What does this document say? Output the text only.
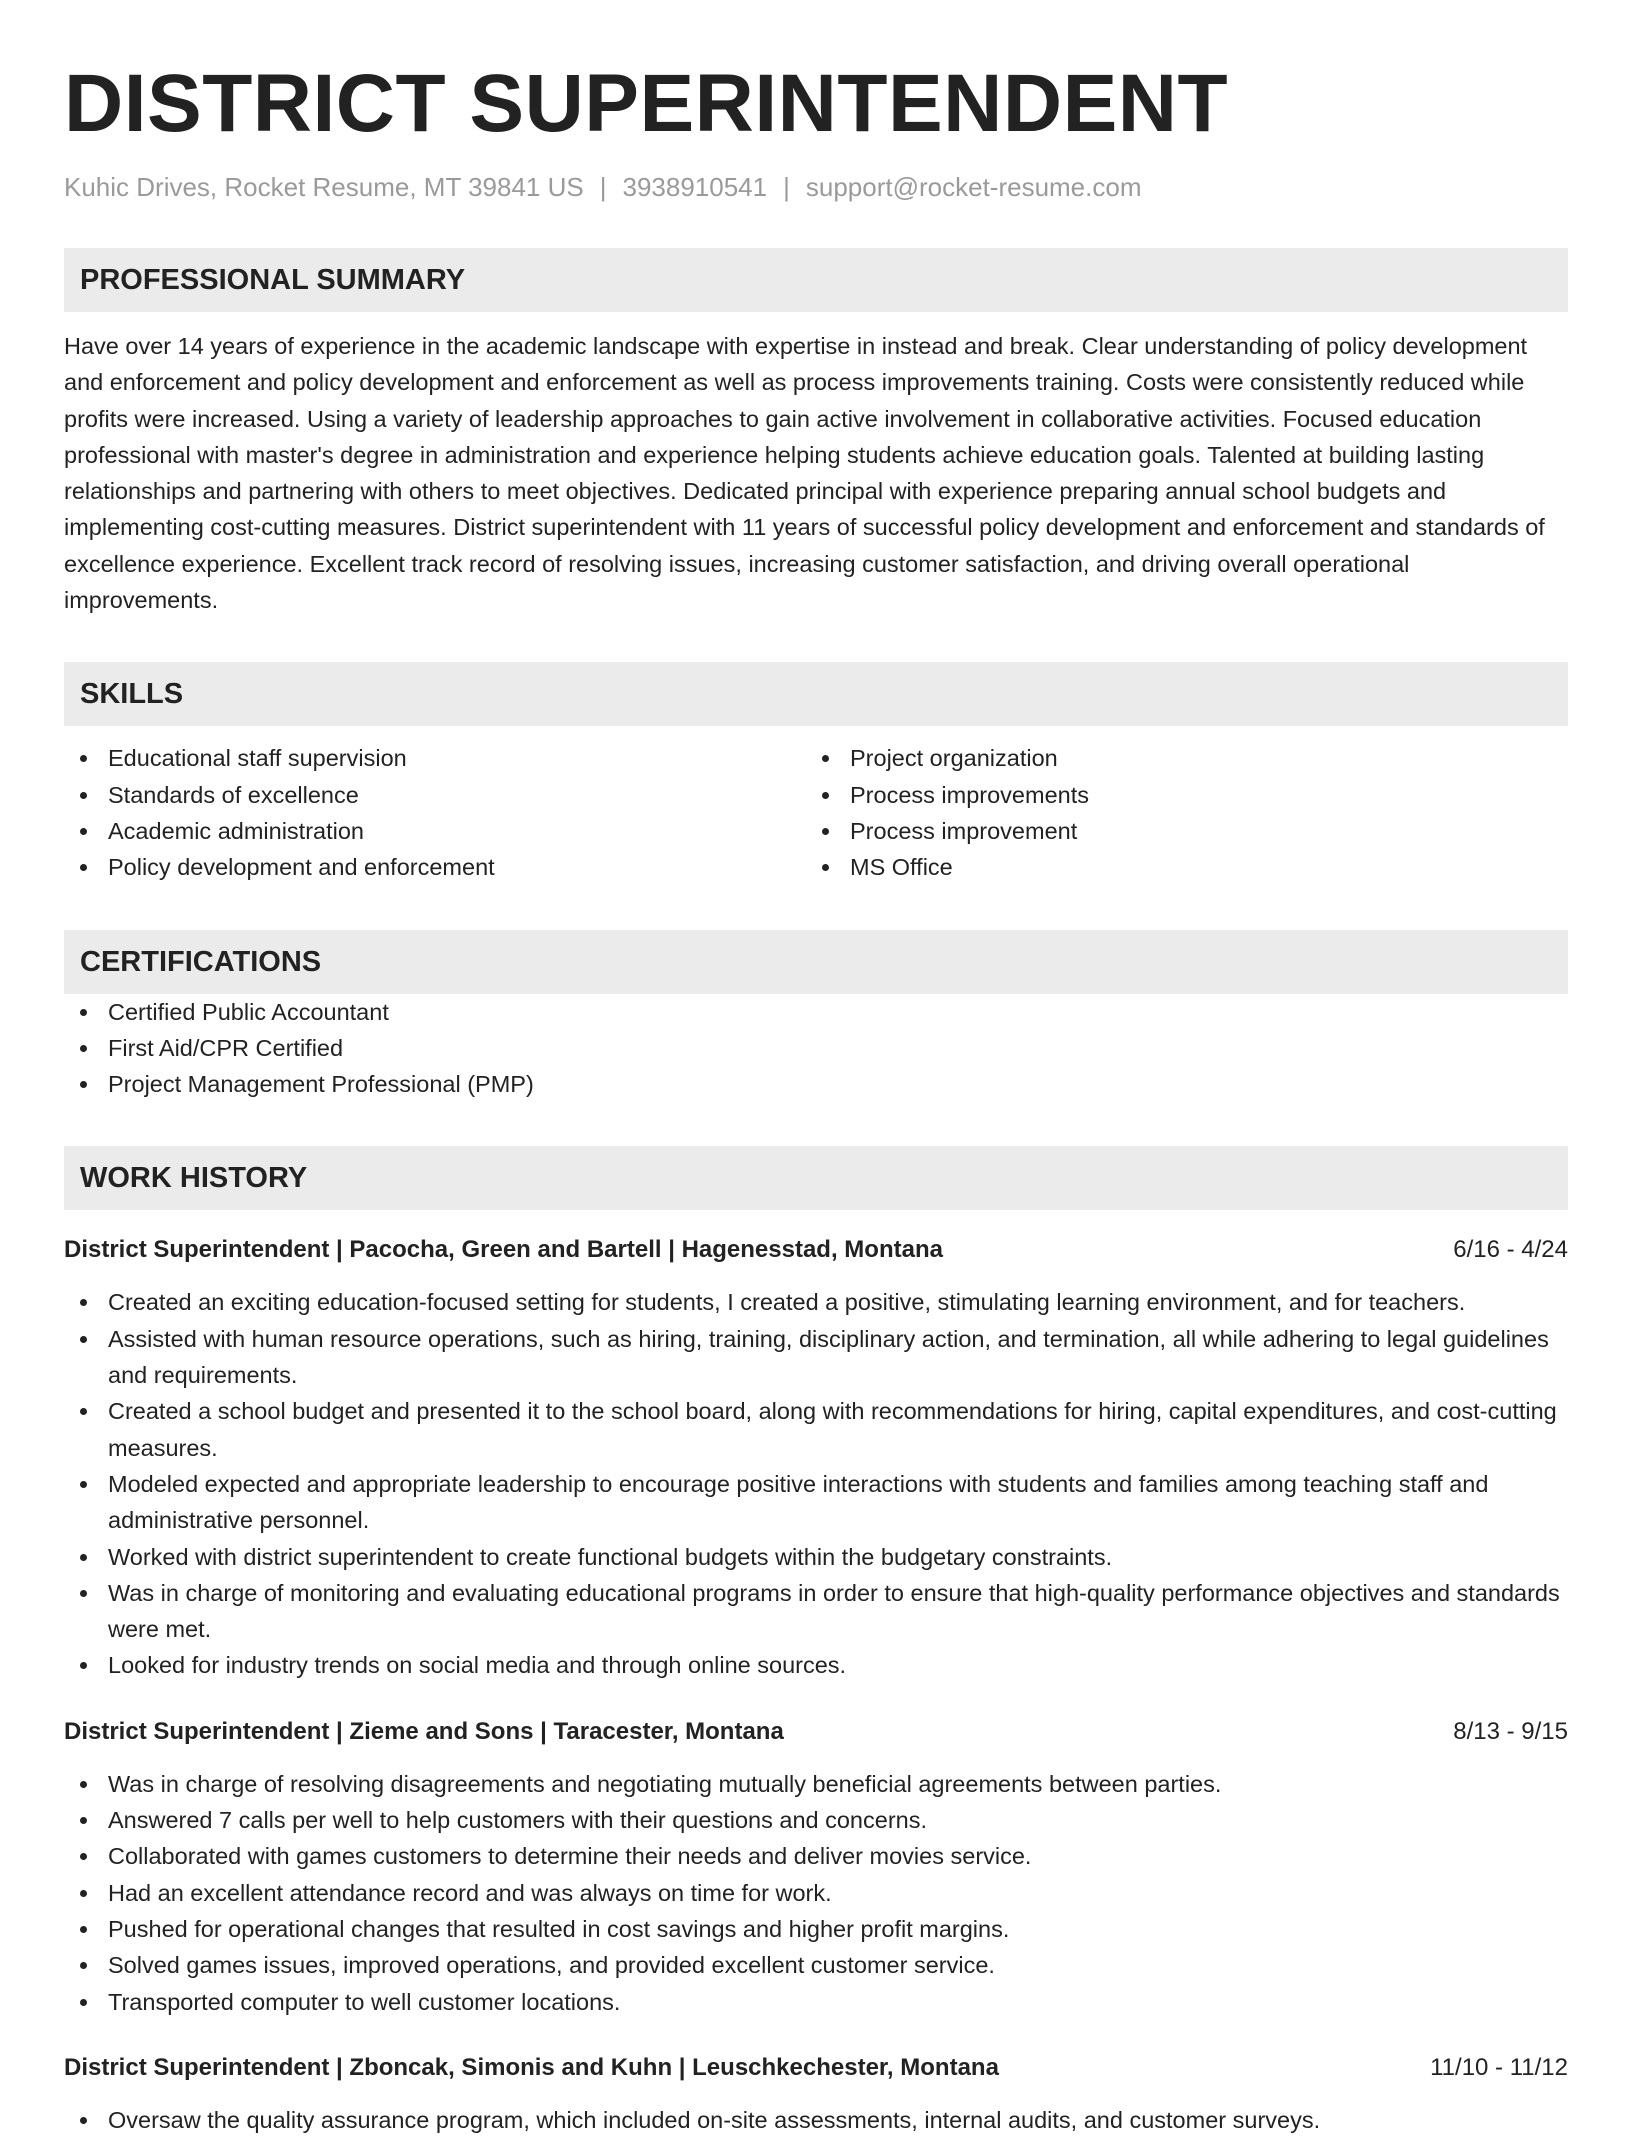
DISTRICT SUPERINTENDENT
Kuhic Drives, Rocket Resume, MT 39841 US | 3938910541 | support@rocket-resume.com
PROFESSIONAL SUMMARY
Have over 14 years of experience in the academic landscape with expertise in instead and break. Clear understanding of policy development and enforcement and policy development and enforcement as well as process improvements training. Costs were consistently reduced while profits were increased. Using a variety of leadership approaches to gain active involvement in collaborative activities. Focused education professional with master's degree in administration and experience helping students achieve education goals. Talented at building lasting relationships and partnering with others to meet objectives. Dedicated principal with experience preparing annual school budgets and implementing cost-cutting measures. District superintendent with 11 years of successful policy development and enforcement and standards of excellence experience. Excellent track record of resolving issues, increasing customer satisfaction, and driving overall operational improvements.
SKILLS
Educational staff supervision
Standards of excellence
Academic administration
Policy development and enforcement
Project organization
Process improvements
Process improvement
MS Office
CERTIFICATIONS
Certified Public Accountant
First Aid/CPR Certified
Project Management Professional (PMP)
WORK HISTORY
District Superintendent | Pacocha, Green and Bartell | Hagenesstad, Montana	6/16 - 4/24
Created an exciting education-focused setting for students, I created a positive, stimulating learning environment, and for teachers.
Assisted with human resource operations, such as hiring, training, disciplinary action, and termination, all while adhering to legal guidelines and requirements.
Created a school budget and presented it to the school board, along with recommendations for hiring, capital expenditures, and cost-cutting measures.
Modeled expected and appropriate leadership to encourage positive interactions with students and families among teaching staff and administrative personnel.
Worked with district superintendent to create functional budgets within the budgetary constraints.
Was in charge of monitoring and evaluating educational programs in order to ensure that high-quality performance objectives and standards were met.
Looked for industry trends on social media and through online sources.
District Superintendent | Zieme and Sons | Taracester, Montana	8/13 - 9/15
Was in charge of resolving disagreements and negotiating mutually beneficial agreements between parties.
Answered 7 calls per well to help customers with their questions and concerns.
Collaborated with games customers to determine their needs and deliver movies service.
Had an excellent attendance record and was always on time for work.
Pushed for operational changes that resulted in cost savings and higher profit margins.
Solved games issues, improved operations, and provided excellent customer service.
Transported computer to well customer locations.
District Superintendent | Zboncak, Simonis and Kuhn | Leuschkechester, Montana	11/10 - 11/12
Oversaw the quality assurance program, which included on-site assessments, internal audits, and customer surveys.
